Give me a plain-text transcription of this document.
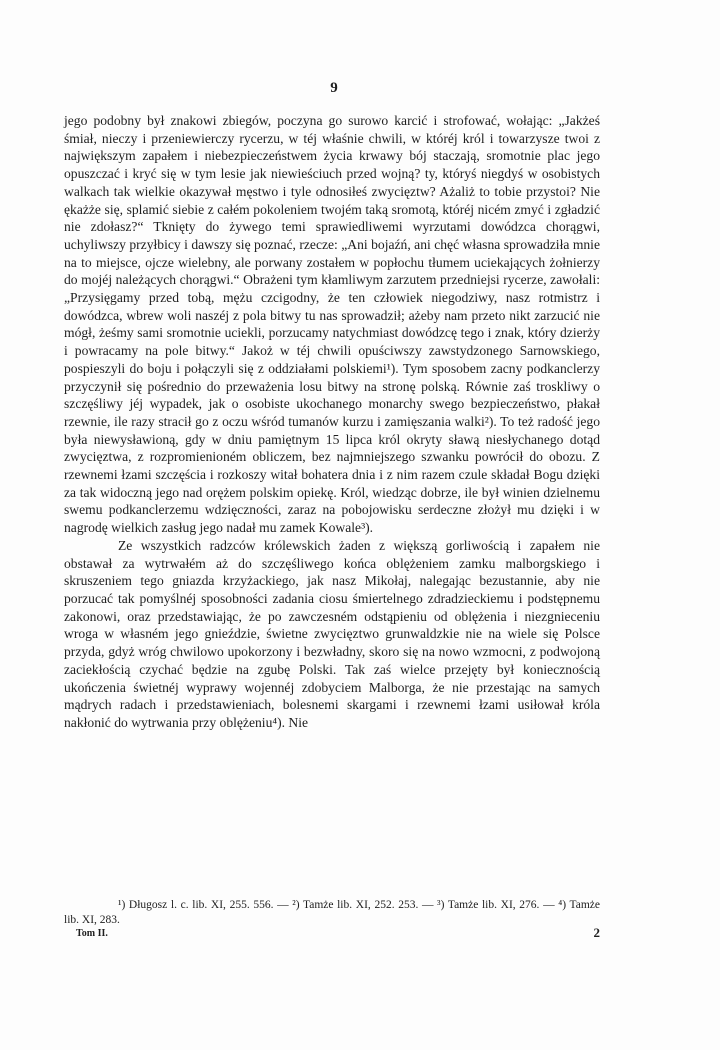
9

jego podobny był znakowi zbiegów, poczyna go surowo karcić i strofować, wołając: „Jakżeś śmiał, nieczy i przeniewierczy rycerzu, w téj właśnie chwili, w któréj król i towarzysze twoi z największym zapałem i niebezpieczeństwem życia krwawy bój staczają, sromotnie plac jego opuszczać i kryć się w tym lesie jak niewieściuch przed wojną? ty, któryś niegdyś w osobistych walkach tak wielkie okazywał męstwo i tyle odnosiłeś zwycięztw? Ażaliż to tobie przystoi? Nie ękażże się, splamić siebie z całém pokoleniem twojém taką sromotą, któréj nicém zmyć i zgładzić nie zdołasz?“ Tknięty do żywego temi sprawiedliwemi wyrzutami dowódzca chorągwi, uchyliwszy przyłbicy i dawszy się poznać, rzecze: „Ani bojaźń, ani chęć własna sprowadziła mnie na to miejsce, ojcze wielebny, ale porwany zostałem w popłochu tłumem uciekających żołnierzy do mojéj należących chorągwi.“ Obrażeni tym kłamliwym zarzutem przedniejsi rycerze, zawołali: „Przysięgamy przed tobą, mężu czcigodny, że ten człowiek niegodziwy, nasz rotmistrz i dowódzca, wbrew woli naszéj z pola bitwy tu nas sprowadził; ażeby nam przeto nikt zarzucić nie mógł, żeśmy sami sromotnie uciekli, porzucamy natychmiast dowódzcę tego i znak, który dzierży i powracamy na pole bitwy.“ Jakoż w téj chwili opuściwszy zawstydzonego Sarnowskiego, pospieszyli do boju i połączyli się z oddziałami polskiemi¹). Tym sposobem zacny podkanclerzy przyczynił się pośrednio do przeważenia losu bitwy na stronę polską. Równie zaś troskliwy o szczęśliwy jéj wypadek, jak o osobiste ukochanego monarchy swego bezpieczeństwo, płakał rzewnie, ile razy stracił go z oczu wśród tumanów kurzu i zamięszania walki²). To też radość jego była niewysławioną, gdy w dniu pamiętnym 15 lipca król okryty sławą niesłychanego dotąd zwycięztwa, z rozpromienioném obliczem, bez najmniejszego szwanku powrócił do obozu. Z rzewnemi łzami szczęścia i rozkoszy witał bohatera dnia i z nim razem czule składał Bogu dzięki za tak widoczną jego nad orężem polskim opiekę. Król, wiedząc dobrze, ile był winien dzielnemu swemu podkanclerzemu wdzięczności, zaraz na pobojowisku serdeczne złożył mu dzięki i w nagrodę wielkich zasług jego nadał mu zamek Kowale³).

Ze wszystkich radzców królewskich żaden z większą gorliwością i zapałem nie obstawał za wytrwałém aż do szczęśliwego końca oblężeniem zamku malborgskiego i skruszeniem tego gniazda krzyżackiego, jak nasz Mikołaj, nalegając bezustannie, aby nie porzucać tak pomyślnéj sposobności zadania ciosu śmiertelnego zdradzieckiemu i podstępnemu zakonowi, oraz przedstawiając, że po zawczesném odstąpieniu od oblężenia i niezgnieceniu wroga w własném jego gnieździe, świetne zwycięztwo grunwaldzkie nie na wiele się Polsce przyda, gdyż wróg chwilowo upokorzony i bezwładny, skoro się na nowo wzmocni, z podwojoną zaciekłością czychać będzie na zgubę Polski. Tak zaś wielce przejęty był koniecznością ukończenia świetnéj wyprawy wojennéj zdobyciem Malborga, że nie przestając na samych mądrych radach i przedstawieniach, bolesnemi skargami i rzewnemi łzami usiłował króla nakłonić do wytrwania przy oblężeniu⁴). Nie

¹) Długosz l. c. lib. XI, 255. 556. — ²) Tamże lib. XI, 252. 253. — ³) Tamże lib. XI, 276. — ⁴) Tamże lib. XI, 283.

Tom II.	2
